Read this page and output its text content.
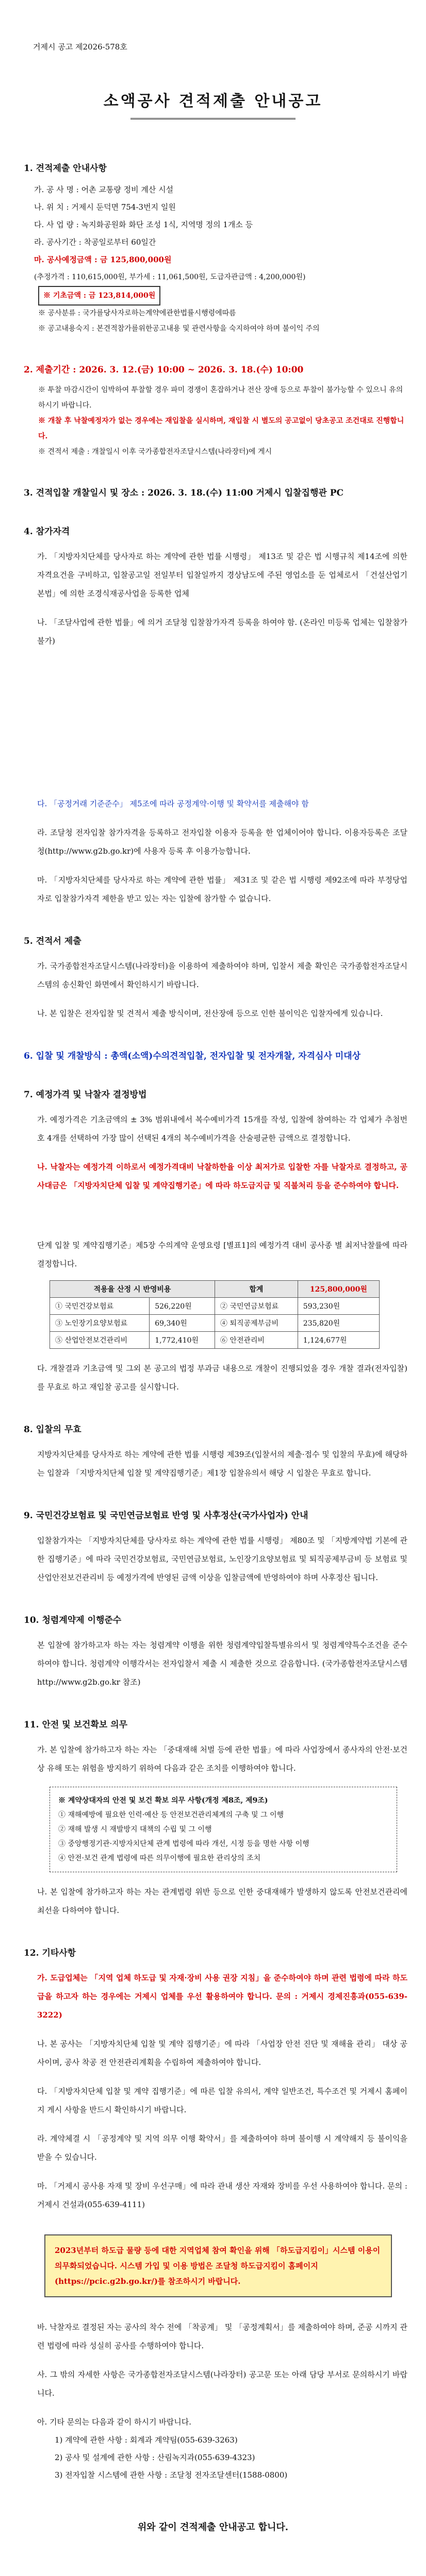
거제시 공고 제2026-578호
소액공사 견적제출 안내공고
1. 견적제출 안내사항
가. 공 사 명 : 어촌 교통량 정비 계산 시설
나. 위 치 : 거제시 둔덕면 754-3번지 일원
다. 사 업 량 : 녹지화공원화 화단 조성 1식, 지역명 정의 1개소 등
라. 공사기간 : 착공일로부터 60일간
마. 공사예정금액 : 금 125,800,000원
(추정가격 : 110,615,000원, 부가세 : 11,061,500원, 도급자관급액 : 4,200,000원)
※ 기초금액 : 금 123,814,000원
※ 공사분류 : 국가를당사자로하는계약에관한법률시행령에따름
※ 공고내용숙지 : 본견적참가를위한공고내용 및 관련사항을 숙지하여야 하며 불이익 주의
2. 제출기간 : 2026. 3. 12.(금) 10:00 ~ 2026. 3. 18.(수) 10:00
※ 투찰 마감시간이 임박하여 투찰할 경우 파미 경쟁이 혼잡하거나 전산 장애 등으로 투찰이 불가능할 수 있으니 유의하시기 바랍니다.
※ 개찰 후 낙찰예정자가 없는 경우에는 재입찰을 실시하며, 재입찰 시 별도의 공고없이 당초공고 조건대로 진행합니다.
※ 견적서 제출 : 개찰일시 이후 국가종합전자조달시스템(나라장터)에 게시
3. 견적입찰 개찰일시 및 장소 : 2026. 3. 18.(수) 11:00 거제시 입찰집행관 PC
4. 참가자격
가. 「지방자치단체를 당사자로 하는 계약에 관한 법률 시행령」 제13조 및 같은 법 시행규칙 제14조에 의한 자격요건을 구비하고, 입찰공고일 전일부터 입찰일까지 경상남도에 주된 영업소를 둔 업체로서 「건설산업기본법」에 의한 조경식재공사업을 등록한 업체
나. 「조달사업에 관한 법률」에 의거 조달청 입찰참가자격 등록을 하여야 함. (온라인 미등록 업체는 입찰참가 불가)
다. 「공정거래 기준준수」 제5조에 따라 공정계약·이행 및 확약서를 제출해야 함
라. 조달청 전자입찰 참가자격을 등록하고 전자입찰 이용자 등록을 한 업체이어야 합니다. 이용자등록은 조달청(http://www.g2b.go.kr)에 사용자 등록 후 이용가능합니다.
마. 「지방자치단체를 당사자로 하는 계약에 관한 법률」 제31조 및 같은 법 시행령 제92조에 따라 부정당업자로 입찰참가자격 제한을 받고 있는 자는 입찰에 참가할 수 없습니다.
5. 견적서 제출
가. 국가종합전자조달시스템(나라장터)을 이용하여 제출하여야 하며, 입찰서 제출 확인은 국가종합전자조달시스템의 송신확인 화면에서 확인하시기 바랍니다.
나. 본 입찰은 전자입찰 및 견적서 제출 방식이며, 전산장애 등으로 인한 불이익은 입찰자에게 있습니다.
6. 입찰 및 개찰방식 : 총액(소액)수의견적입찰, 전자입찰 및 전자개찰, 자격심사 미대상
7. 예정가격 및 낙찰자 결정방법
가. 예정가격은 기초금액의 ± 3% 범위내에서 복수예비가격 15개를 작성, 입찰에 참여하는 각 업체가 추첨번호 4개를 선택하여 가장 많이 선택된 4개의 복수예비가격을 산술평균한 금액으로 결정합니다.
나. 낙찰자는 예정가격 이하로서 예정가격대비 낙찰하한율 이상 최저가로 입찰한 자를 낙찰자로 결정하고, 공사대금은 「지방자치단체 입찰 및 계약집행기준」에 따라 하도급지급 및 직불처리 등을 준수하여야 합니다.
단계 입찰 및 계약집행기준」제5장 수의계약 운영요령 [별표1]의 예정가격 대비 공사종 별 최저낙찰률에 따라 결정합니다.
적용율 산정 시 반영비용		합계	125,800,000원
① 국민건강보험료	526,220원	② 국민연금보험료	593,230원
③ 노인장기요양보험료	69,340원	④ 퇴직공제부금비	235,820원
⑤ 산업안전보건관리비	1,772,410원	⑥ 안전관리비	1,124,677원
다. 개찰결과 기초금액 및 그외 본 공고의 법정 부과금 내용으로 개찰이 진행되었을 경우 개찰 결과(전자입찰)를 무효로 하고 재입찰 공고를 실시합니다.
8. 입찰의 무효
지방자치단체를 당사자로 하는 계약에 관한 법률 시행령 제39조(입찰서의 제출·접수 및 입찰의 무효)에 해당하는 입찰과 「지방자치단체 입찰 및 계약집행기준」제1장 입찰유의서 해당 시 입찰은 무효로 합니다.
9. 국민건강보험료 및 국민연금보험료 반영 및 사후정산(국가사업자) 안내
입찰참가자는 「지방자치단체를 당사자로 하는 계약에 관한 법률 시행령」 제80조 및 「지방계약법 기본에 관한 집행기준」에 따라 국민건강보험료, 국민연금보험료, 노인장기요양보험료 및 퇴직공제부금비 등 보험료 및 산업안전보건관리비 등 예정가격에 반영된 금액 이상을 입찰금액에 반영하여야 하며 사후정산 됩니다.
10. 청렴계약제 이행준수
본 입찰에 참가하고자 하는 자는 청렴계약 이행을 위한 청렴계약입찰특별유의서 및 청렴계약특수조건을 준수하여야 합니다. 청렴계약 이행각서는 전자입찰서 제출 시 제출한 것으로 갈음합니다. (국가종합전자조달시스템 http://www.g2b.go.kr 참조)
11. 안전 및 보건확보 의무
가. 본 입찰에 참가하고자 하는 자는 「중대재해 처벌 등에 관한 법률」에 따라 사업장에서 종사자의 안전·보건상 유해 또는 위험을 방지하기 위하여 다음과 같은 조치를 이행하여야 합니다.
※ 계약상대자의 안전 및 보건 확보 의무 사항(개정 제8조, 제9조)
① 재해예방에 필요한 인력·예산 등 안전보건관리체계의 구축 및 그 이행
② 재해 발생 시 재발방지 대책의 수립 및 그 이행
③ 중앙행정기관·지방자치단체 관계 법령에 따라 개선, 시정 등을 명한 사항 이행
④ 안전·보건 관계 법령에 따른 의무이행에 필요한 관리상의 조치
나. 본 입찰에 참가하고자 하는 자는 관계법령 위반 등으로 인한 중대재해가 발생하지 않도록 안전보건관리에 최선을 다하여야 합니다.
12. 기타사항
가. 도급업체는 「지역 업체 하도급 및 자재·장비 사용 권장 지침」을 준수하여야 하며 관련 법령에 따라 하도급을 하고자 하는 경우에는 거제시 업체를 우선 활용하여야 합니다. 문의 : 거제시 경제진흥과(055-639-3222)
나. 본 공사는 「지방자치단체 입찰 및 계약 집행기준」에 따라 「사업장 안전 진단 및 재해율 관리」 대상 공사이며, 공사 착공 전 안전관리계획을 수립하여 제출하여야 합니다.
다. 「지방자치단체 입찰 및 계약 집행기준」에 따른 입찰 유의서, 계약 일반조건, 특수조건 및 거제시 홈페이지 게시 사항을 반드시 확인하시기 바랍니다.
라. 계약체결 시 「공정계약 및 지역 의무 이행 확약서」를 제출하여야 하며 불이행 시 계약해지 등 불이익을 받을 수 있습니다.
마. 「거제시 공사용 자재 및 장비 우선구매」에 따라 관내 생산 자재와 장비를 우선 사용하여야 합니다. 문의 : 거제시 건설과(055-639-4111)
2023년부터 하도급 물량 등에 대한 지역업체 참여 확인을 위해 「하도급지킴이」시스템 이용이 의무화되었습니다. 시스템 가입 및 이용 방법은 조달청 하도급지킴이 홈페이지(https://pcic.g2b.go.kr/)를 참조하시기 바랍니다.
바. 낙찰자로 결정된 자는 공사의 착수 전에 「착공계」 및 「공정계획서」를 제출하여야 하며, 준공 시까지 관련 법령에 따라 성실히 공사를 수행하여야 합니다.
사. 그 밖의 자세한 사항은 국가종합전자조달시스템(나라장터) 공고문 또는 아래 담당 부서로 문의하시기 바랍니다.
아. 기타 문의는 다음과 같이 하시기 바랍니다.
1) 계약에 관한 사항 : 회계과 계약팀(055-639-3263)
2) 공사 및 설계에 관한 사항 : 산림녹지과(055-639-4323)
3) 전자입찰 시스템에 관한 사항 : 조달청 전자조달센터(1588-0800)
위와 같이 견적제출 안내공고 합니다.
